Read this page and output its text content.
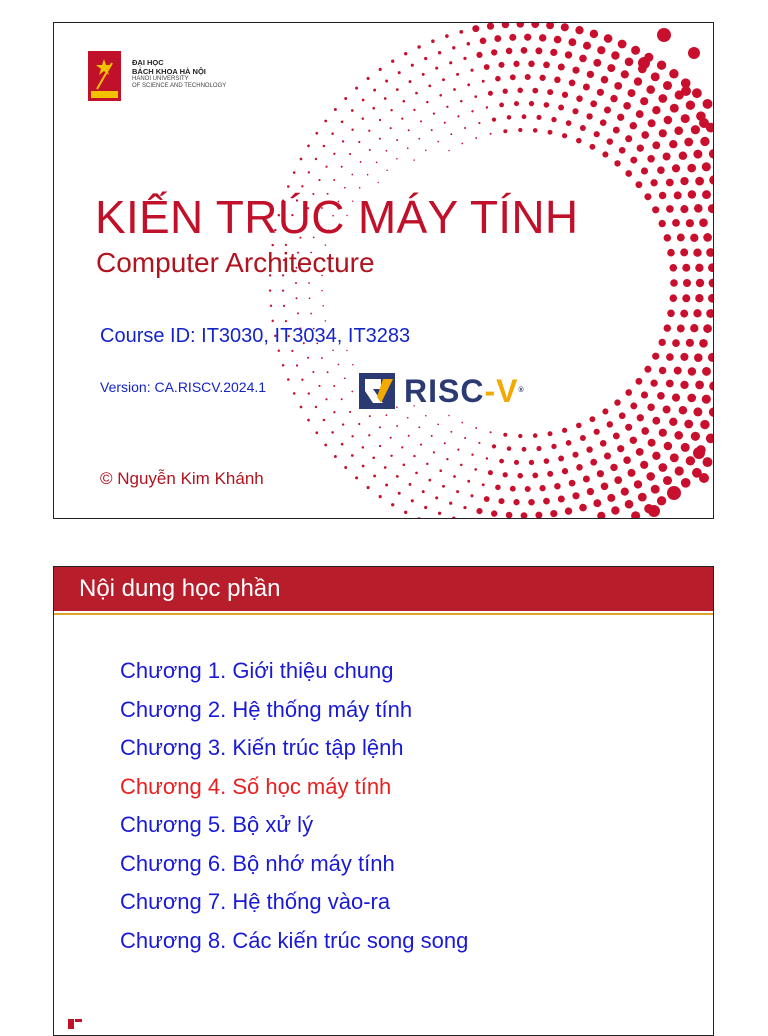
ĐẠI HỌC
BÁCH KHOA HÀ NỘI
HANOI UNIVERSITY
OF SCIENCE AND TECHNOLOGY
KIẾN TRÚC MÁY TÍNH
Computer Architecture
Course ID: IT3030, IT3034, IT3283
Version: CA.RISCV.2024.1	RISC-V®
© Nguyễn Kim Khánh
Nội dung học phần
Chương 1. Giới thiệu chung
Chương 2. Hệ thống máy tính
Chương 3. Kiến trúc tập lệnh
Chương 4. Số học máy tính
Chương 5. Bộ xử lý
Chương 6. Bộ nhớ máy tính
Chương 7. Hệ thống vào-ra
Chương 8. Các kiến trúc song song
